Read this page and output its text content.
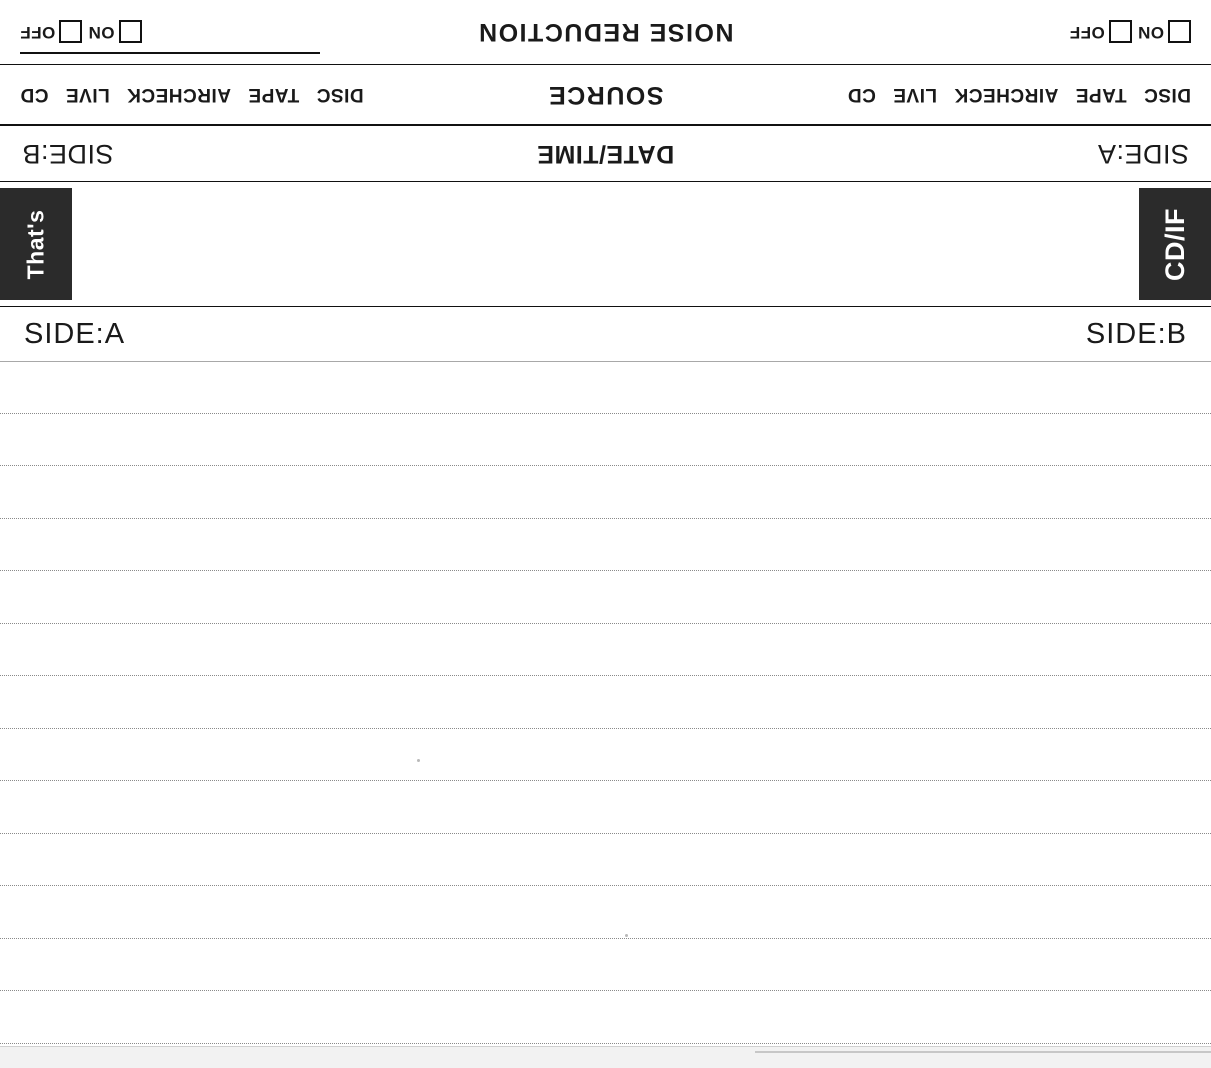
ON
OFF
NOISE REDUCTION
ON
OFF
DISC
TAPE
AIRCHECK
LIVE
CD
SOURCE
DISC
TAPE
AIRCHECK
LIVE
CD
SIDE:A
DATE/TIME
SIDE:B
That's	CD/IF
SIDE:A	SIDE:B
